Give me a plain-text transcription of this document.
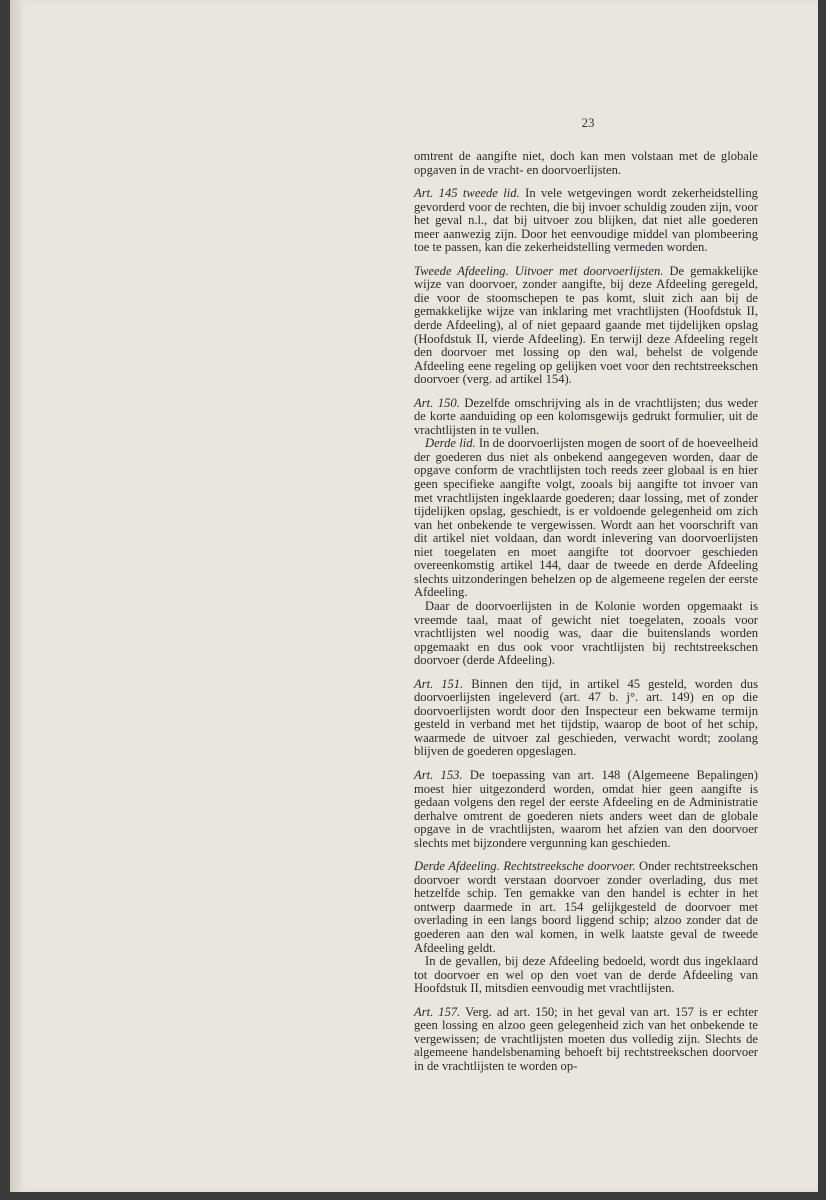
23

omtrent de aangifte niet, doch kan men volstaan met de globale opgaven in de vracht- en doorvoerlijsten.

Art. 145 tweede lid. In vele wetgevingen wordt zekerheidstelling gevorderd voor de rechten, die bij invoer schuldig zouden zijn, voor het geval n.l., dat bij uitvoer zou blijken, dat niet alle goederen meer aanwezig zijn. Door het eenvoudige middel van plombeering toe te passen, kan die zekerheidstelling vermeden worden.

Tweede Afdeeling. Uitvoer met doorvoerlijsten. De gemakkelijke wijze van doorvoer, zonder aangifte, bij deze Afdeeling geregeld, die voor de stoomschepen te pas komt, sluit zich aan bij de gemakkelijke wijze van inklaring met vrachtlijsten (Hoofdstuk II, derde Afdeeling), al of niet gepaard gaande met tijdelijken opslag (Hoofdstuk II, vierde Afdeeling). En terwijl deze Afdeeling regelt den doorvoer met lossing op den wal, behelst de volgende Afdeeling eene regeling op gelijken voet voor den rechtstreekschen doorvoer (verg. ad artikel 154).

Art. 150. Dezelfde omschrijving als in de vrachtlijsten; dus weder de korte aanduiding op een kolomsgewijs gedrukt formulier, uit de vrachtlijsten in te vullen.

Derde lid. In de doorvoerlijsten mogen de soort of de hoeveelheid der goederen dus niet als onbekend aangegeven worden, daar de opgave conform de vrachtlijsten toch reeds zeer globaal is en hier geen specifieke aangifte volgt, zooals bij aangifte tot invoer van met vrachtlijsten ingeklaarde goederen; daar lossing, met of zonder tijdelijken opslag, geschiedt, is er voldoende gelegenheid om zich van het onbekende te vergewissen. Wordt aan het voorschrift van dit artikel niet voldaan, dan wordt inlevering van doorvoerlijsten niet toegelaten en moet aangifte tot doorvoer geschieden overeenkomstig artikel 144, daar de tweede en derde Afdeeling slechts uitzonderingen behelzen op de algemeene regelen der eerste Afdeeling.

Daar de doorvoerlijsten in de Kolonie worden opgemaakt is vreemde taal, maat of gewicht niet toegelaten, zooals voor vrachtlijsten wel noodig was, daar die buitenslands worden opgemaakt en dus ook voor vrachtlijsten bij rechtstreekschen doorvoer (derde Afdeeling).

Art. 151. Binnen den tijd, in artikel 45 gesteld, worden dus doorvoerlijsten ingeleverd (art. 47 b. j°. art. 149) en op die doorvoerlijsten wordt door den Inspecteur een bekwame termijn gesteld in verband met het tijdstip, waarop de boot of het schip, waarmede de uitvoer zal geschieden, verwacht wordt; zoolang blijven de goederen opgeslagen.

Art. 153. De toepassing van art. 148 (Algemeene Bepalingen) moest hier uitgezonderd worden, omdat hier geen aangifte is gedaan volgens den regel der eerste Afdeeling en de Administratie derhalve omtrent de goederen niets anders weet dan de globale opgave in de vrachtlijsten, waarom het afzien van den doorvoer slechts met bijzondere vergunning kan geschieden.

Derde Afdeeling. Rechtstreeksche doorvoer. Onder rechtstreekschen doorvoer wordt verstaan doorvoer zonder overlading, dus met hetzelfde schip. Ten gemakke van den handel is echter in het ontwerp daarmede in art. 154 gelijkgesteld de doorvoer met overlading in een langs boord liggend schip; alzoo zonder dat de goederen aan den wal komen, in welk laatste geval de tweede Afdeeling geldt.

In de gevallen, bij deze Afdeeling bedoeld, wordt dus ingeklaard tot doorvoer en wel op den voet van de derde Afdeeling van Hoofdstuk II, mitsdien eenvoudig met vrachtlijsten.

Art. 157. Verg. ad art. 150; in het geval van art. 157 is er echter geen lossing en alzoo geen gelegenheid zich van het onbekende te vergewissen; de vrachtlijsten moeten dus volledig zijn. Slechts de algemeene handelsbenaming behoeft bij rechtstreekschen doorvoer in de vrachtlijsten te worden op-
